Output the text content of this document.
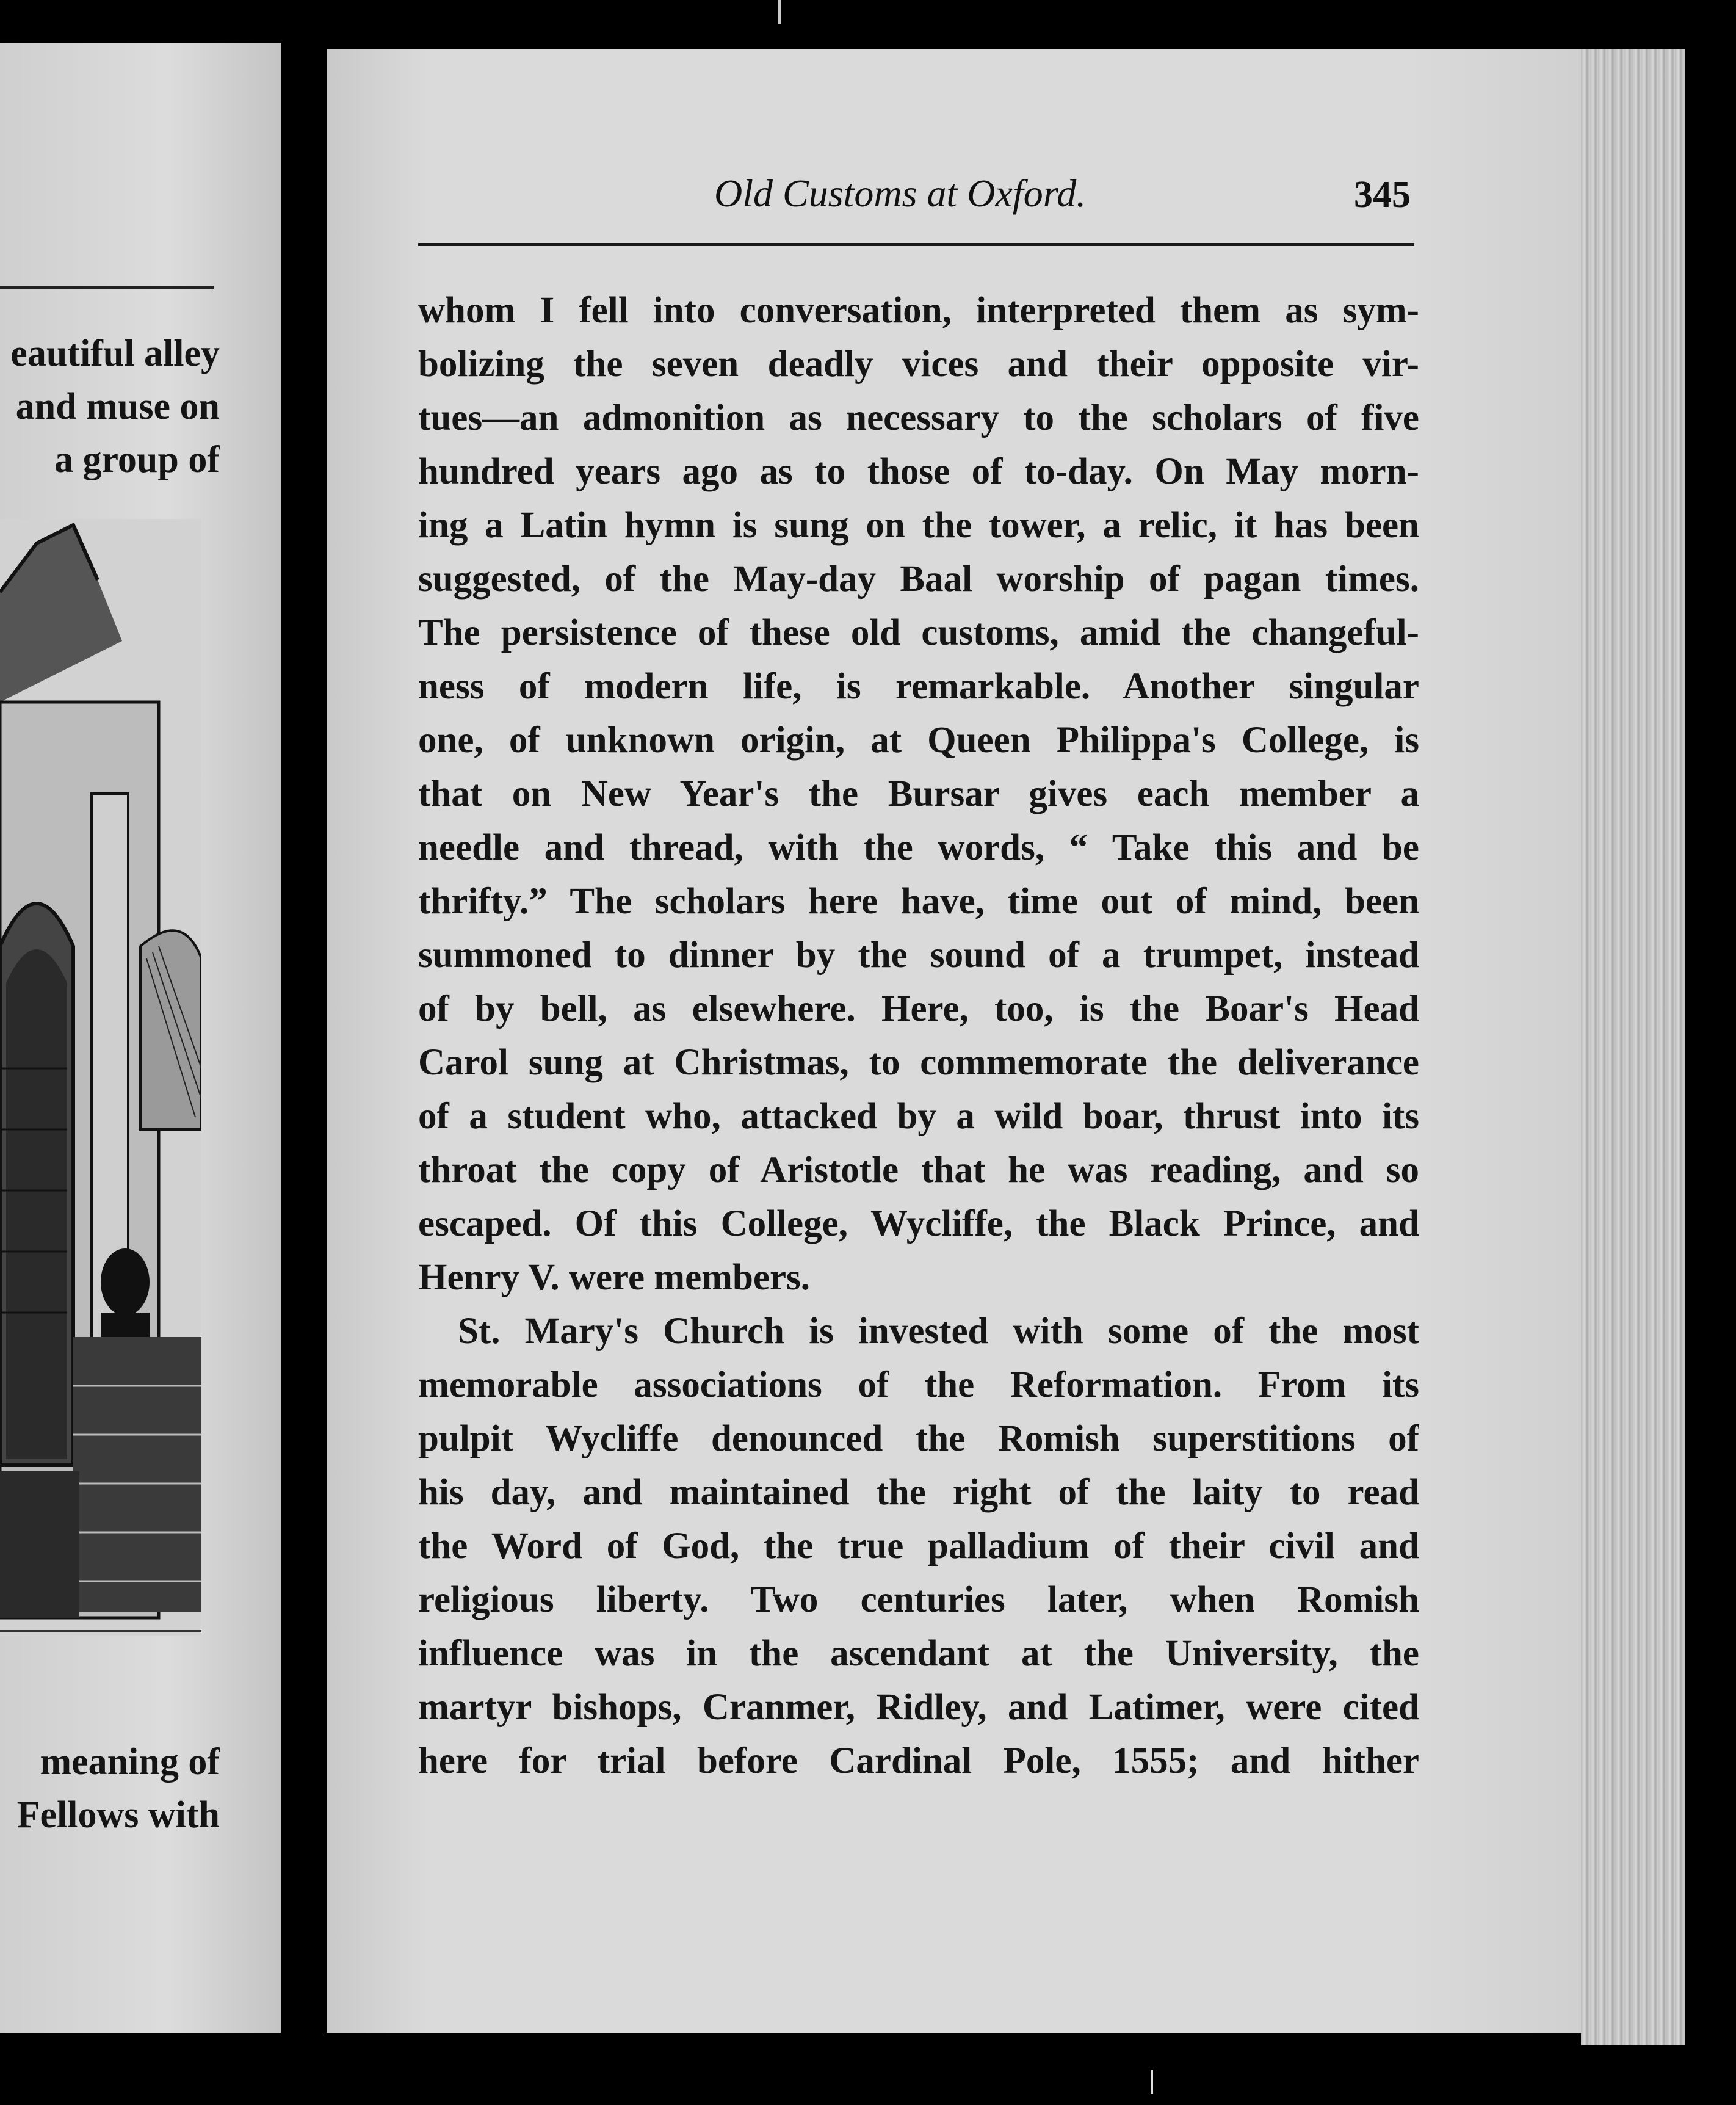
eautiful alley
and muse on
a group of
meaning of
Fellows with
Old Customs at Oxford.	345
whom I fell into conversation, interpreted them as sym-
bolizing the seven deadly vices and their opposite vir-
tues—an admonition as necessary to the scholars of five
hundred years ago as to those of to-day. On May morn-
ing a Latin hymn is sung on the tower, a relic, it has been
suggested, of the May-day Baal worship of pagan times.
The persistence of these old customs, amid the changeful-
ness of modern life, is remarkable. Another singular
one, of unknown origin, at Queen Philippa's College, is
that on New Year's the Bursar gives each member a
needle and thread, with the words, “ Take this and be
thrifty.” The scholars here have, time out of mind, been
summoned to dinner by the sound of a trumpet, instead
of by bell, as elsewhere. Here, too, is the Boar's Head
Carol sung at Christmas, to commemorate the deliverance
of a student who, attacked by a wild boar, thrust into its
throat the copy of Aristotle that he was reading, and so
escaped. Of this College, Wycliffe, the Black Prince, and
Henry V. were members.
St. Mary's Church is invested with some of the most
memorable associations of the Reformation. From its
pulpit Wycliffe denounced the Romish superstitions of
his day, and maintained the right of the laity to read
the Word of God, the true palladium of their civil and
religious liberty. Two centuries later, when Romish
influence was in the ascendant at the University, the
martyr bishops, Cranmer, Ridley, and Latimer, were cited
here for trial before Cardinal Pole, 1555; and hither
